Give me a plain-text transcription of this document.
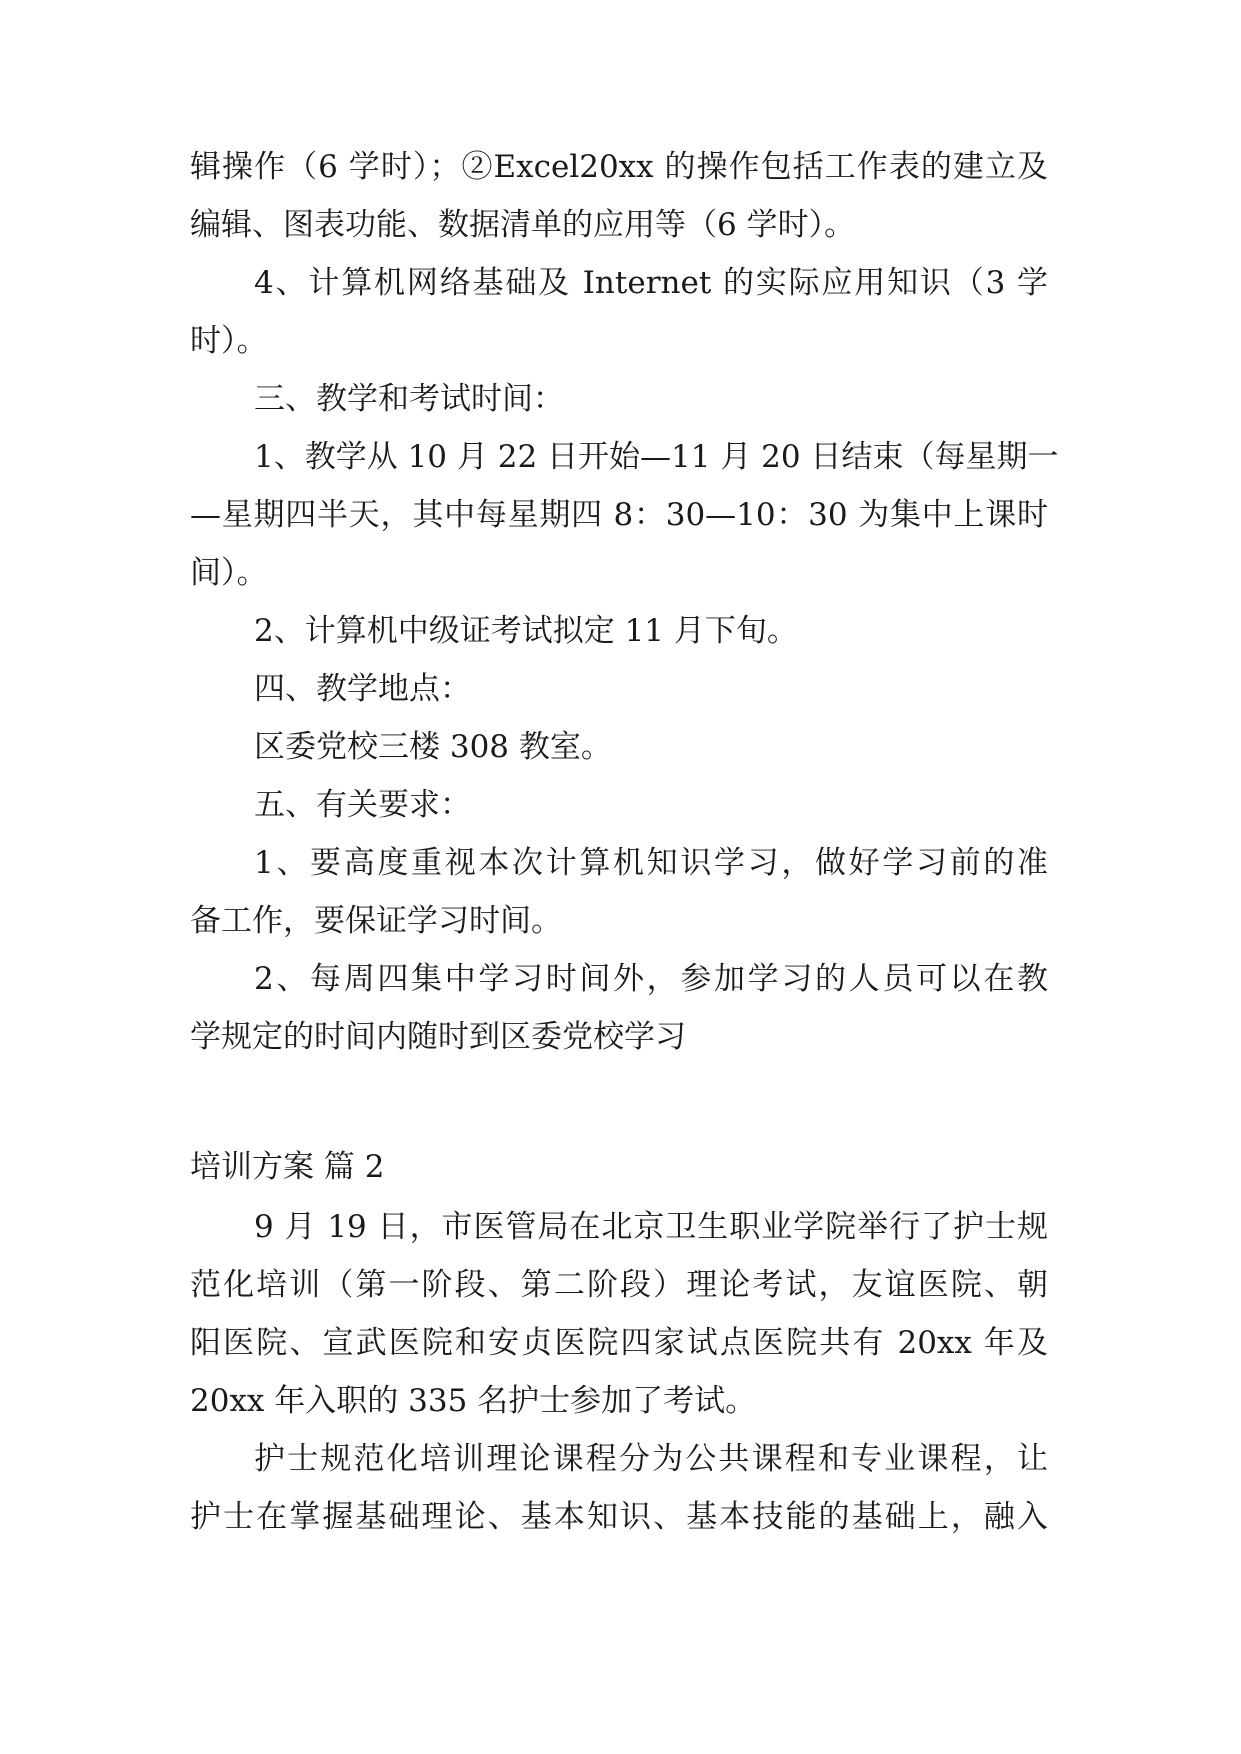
辑操作（6 学时）；②Excel20xx 的操作包括工作表的建立及
编辑、图表功能、数据清单的应用等（6 学时）。
4、计算机网络基础及 Internet 的实际应用知识（3 学
时）。
三、教学和考试时间：
1、教学从 10 月 22 日开始—11 月 20 日结束（每星期一
—星期四半天，其中每星期四 8：30—10：30 为集中上课时
间）。
2、计算机中级证考试拟定 11 月下旬。
四、教学地点：
区委党校三楼 308 教室。
五、有关要求：
1、要高度重视本次计算机知识学习，做好学习前的准
备工作，要保证学习时间。
2、每周四集中学习时间外，参加学习的人员可以在教
学规定的时间内随时到区委党校学习
培训方案 篇 2
9 月 19 日，市医管局在北京卫生职业学院举行了护士规
范化培训（第一阶段、第二阶段）理论考试，友谊医院、朝
阳医院、宣武医院和安贞医院四家试点医院共有 20xx 年及
20xx 年入职的 335 名护士参加了考试。
护士规范化培训理论课程分为公共课程和专业课程，让
护士在掌握基础理论、基本知识、基本技能的基础上，融入
